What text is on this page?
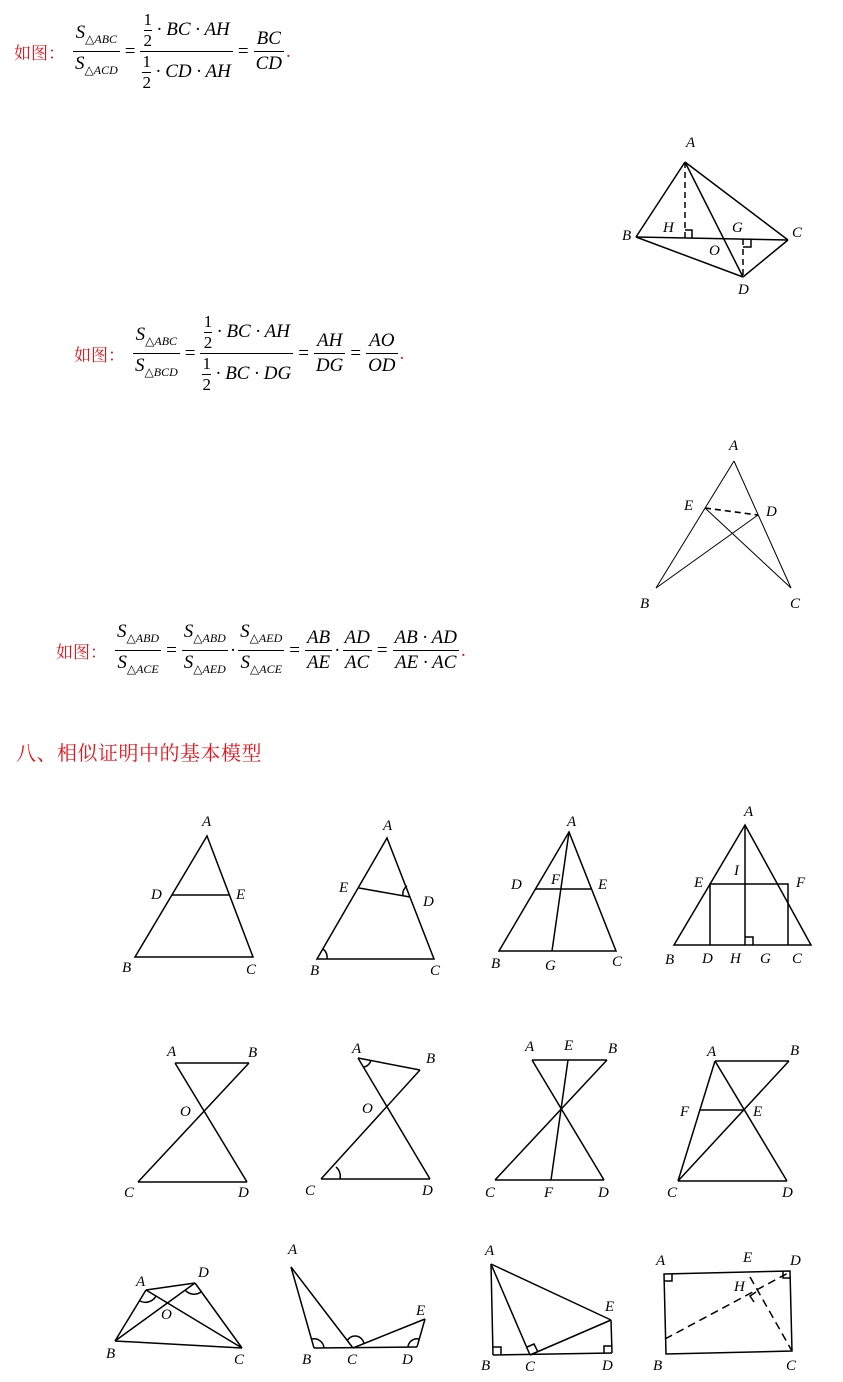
如图： $\frac{S_{\triangle ABC}}{S_{\triangle ACD}} = \frac{\frac{1}{2} \cdot BC \cdot AH}{\frac{1}{2} \cdot CD \cdot AH} = \frac{BC}{CD}$ .
A
H	G
B	C
O
D
如图： $\frac{S_{\triangle ABC}}{S_{\triangle BCD}} = \frac{\frac{1}{2} \cdot BC \cdot AH}{\frac{1}{2} \cdot BC \cdot DG} = \frac{AH}{DG} = \frac{AO}{OD}$ .
A
E	D
B	C
如图： $\frac{S_{\triangle ABD}}{S_{\triangle ACE}} = \frac{S_{\triangle ABD}}{S_{\triangle AED}} \cdot \frac{S_{\triangle AED}}{S_{\triangle ACE}} = \frac{AB}{AE} \cdot \frac{AD}{AC} = \frac{AB \cdot AD}{AE \cdot AC}$ .
八、相似证明中的基本模型
A
D	E
B	C
A
E
D
B	C
A
D F	E
B	G	C
A
I
E	F
B D H G C
A	B
O
C	D
A
B
O
C	D
A E B
C	F	D
A	B
F	E
C	D
A
D
O
B	C
A
E
B C	D
A
E
B C	D
A	E	D
H
B	C
